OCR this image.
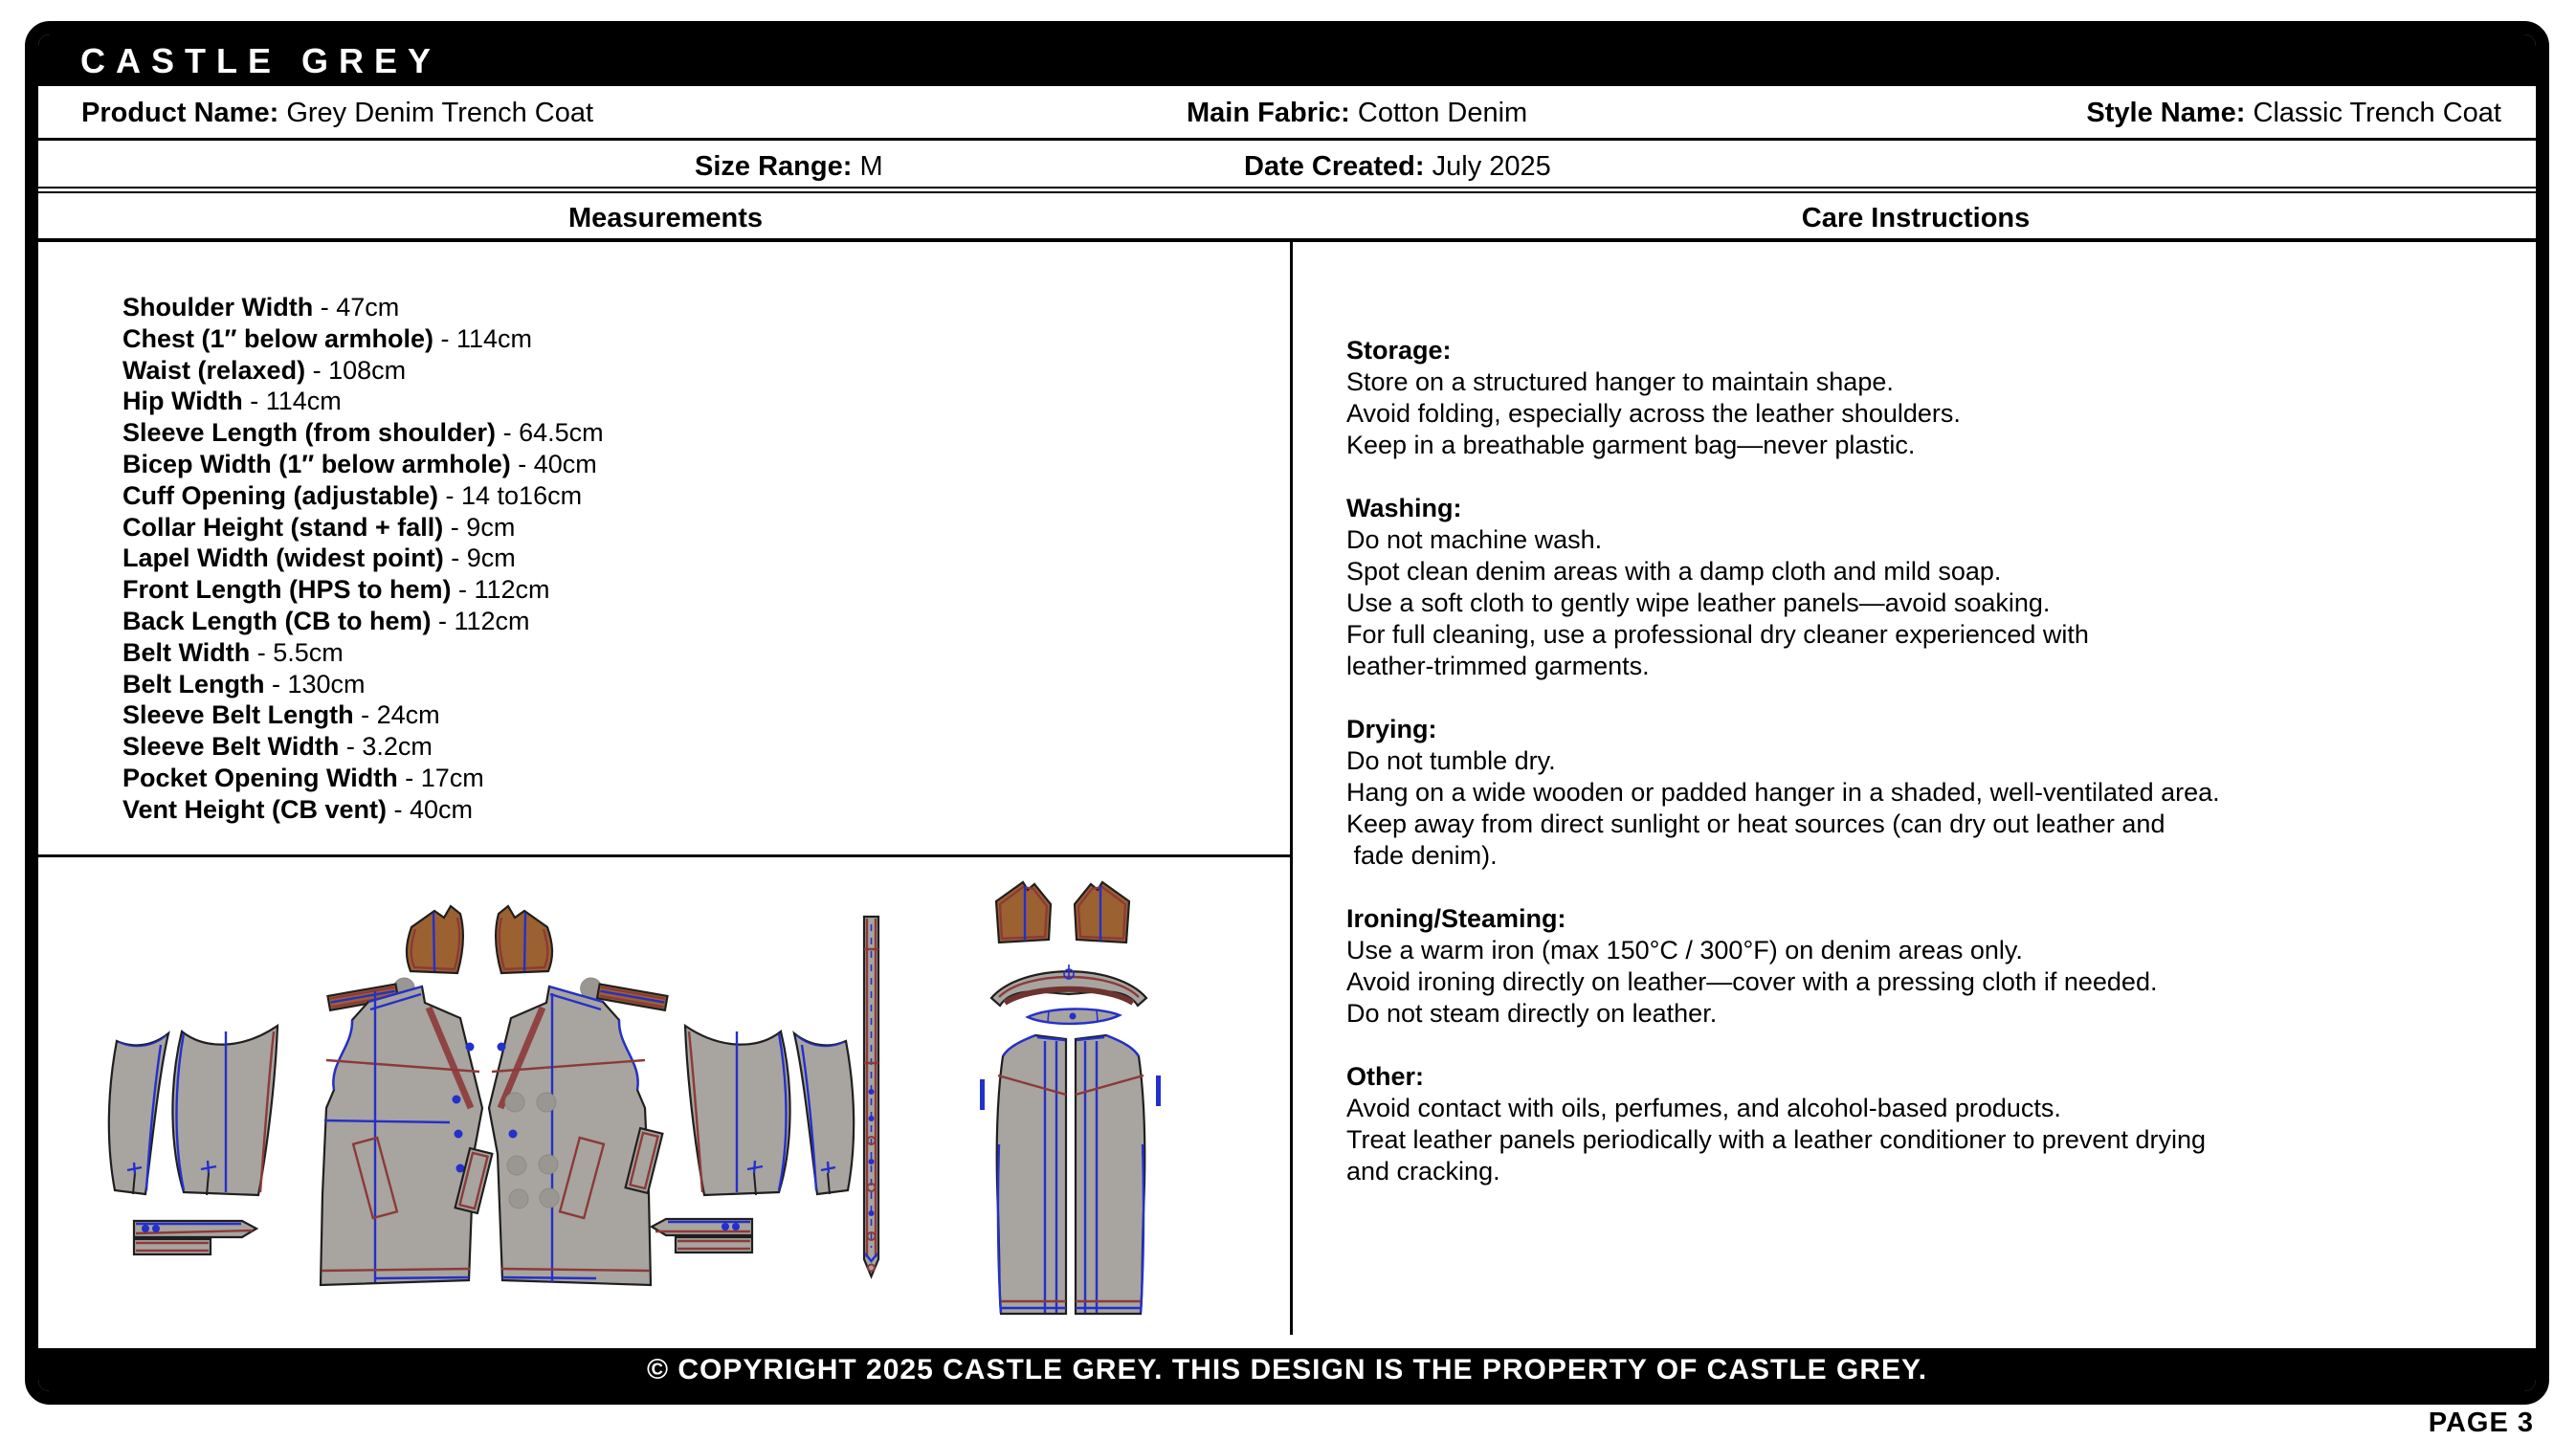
CASTLE GREY
Product Name: Grey Denim Trench Coat	Main Fabric: Cotton Denim	Style Name: Classic Trench Coat
Size Range: M	Date Created: July 2025
Measurements	Care Instructions
Shoulder Width - 47cm
Chest (1″ below armhole) - 114cm
Waist (relaxed) - 108cm
Hip Width - 114cm
Sleeve Length (from shoulder) - 64.5cm
Bicep Width (1″ below armhole) - 40cm
Cuff Opening (adjustable) - 14 to16cm
Collar Height (stand + fall) - 9cm
Lapel Width (widest point) - 9cm
Front Length (HPS to hem) - 112cm
Back Length (CB to hem) - 112cm
Belt Width - 5.5cm
Belt Length - 130cm
Sleeve Belt Length - 24cm
Sleeve Belt Width - 3.2cm
Pocket Opening Width - 17cm
Vent Height (CB vent) - 40cm
Storage:
Store on a structured hanger to maintain shape.
Avoid folding, especially across the leather shoulders.
Keep in a breathable garment bag—never plastic.
Washing:
Do not machine wash.
Spot clean denim areas with a damp cloth and mild soap.
Use a soft cloth to gently wipe leather panels—avoid soaking.
For full cleaning, use a professional dry cleaner experienced with
leather-trimmed garments.
Drying:
Do not tumble dry.
Hang on a wide wooden or padded hanger in a shaded, well-ventilated area.
Keep away from direct sunlight or heat sources (can dry out leather and
fade denim).
Ironing/Steaming:
Use a warm iron (max 150°C / 300°F) on denim areas only.
Avoid ironing directly on leather—cover with a pressing cloth if needed.
Do not steam directly on leather.
Other:
Avoid contact with oils, perfumes, and alcohol-based products.
Treat leather panels periodically with a leather conditioner to prevent drying
and cracking.
© COPYRIGHT 2025 CASTLE GREY. THIS DESIGN IS THE PROPERTY OF CASTLE GREY.
PAGE 3
